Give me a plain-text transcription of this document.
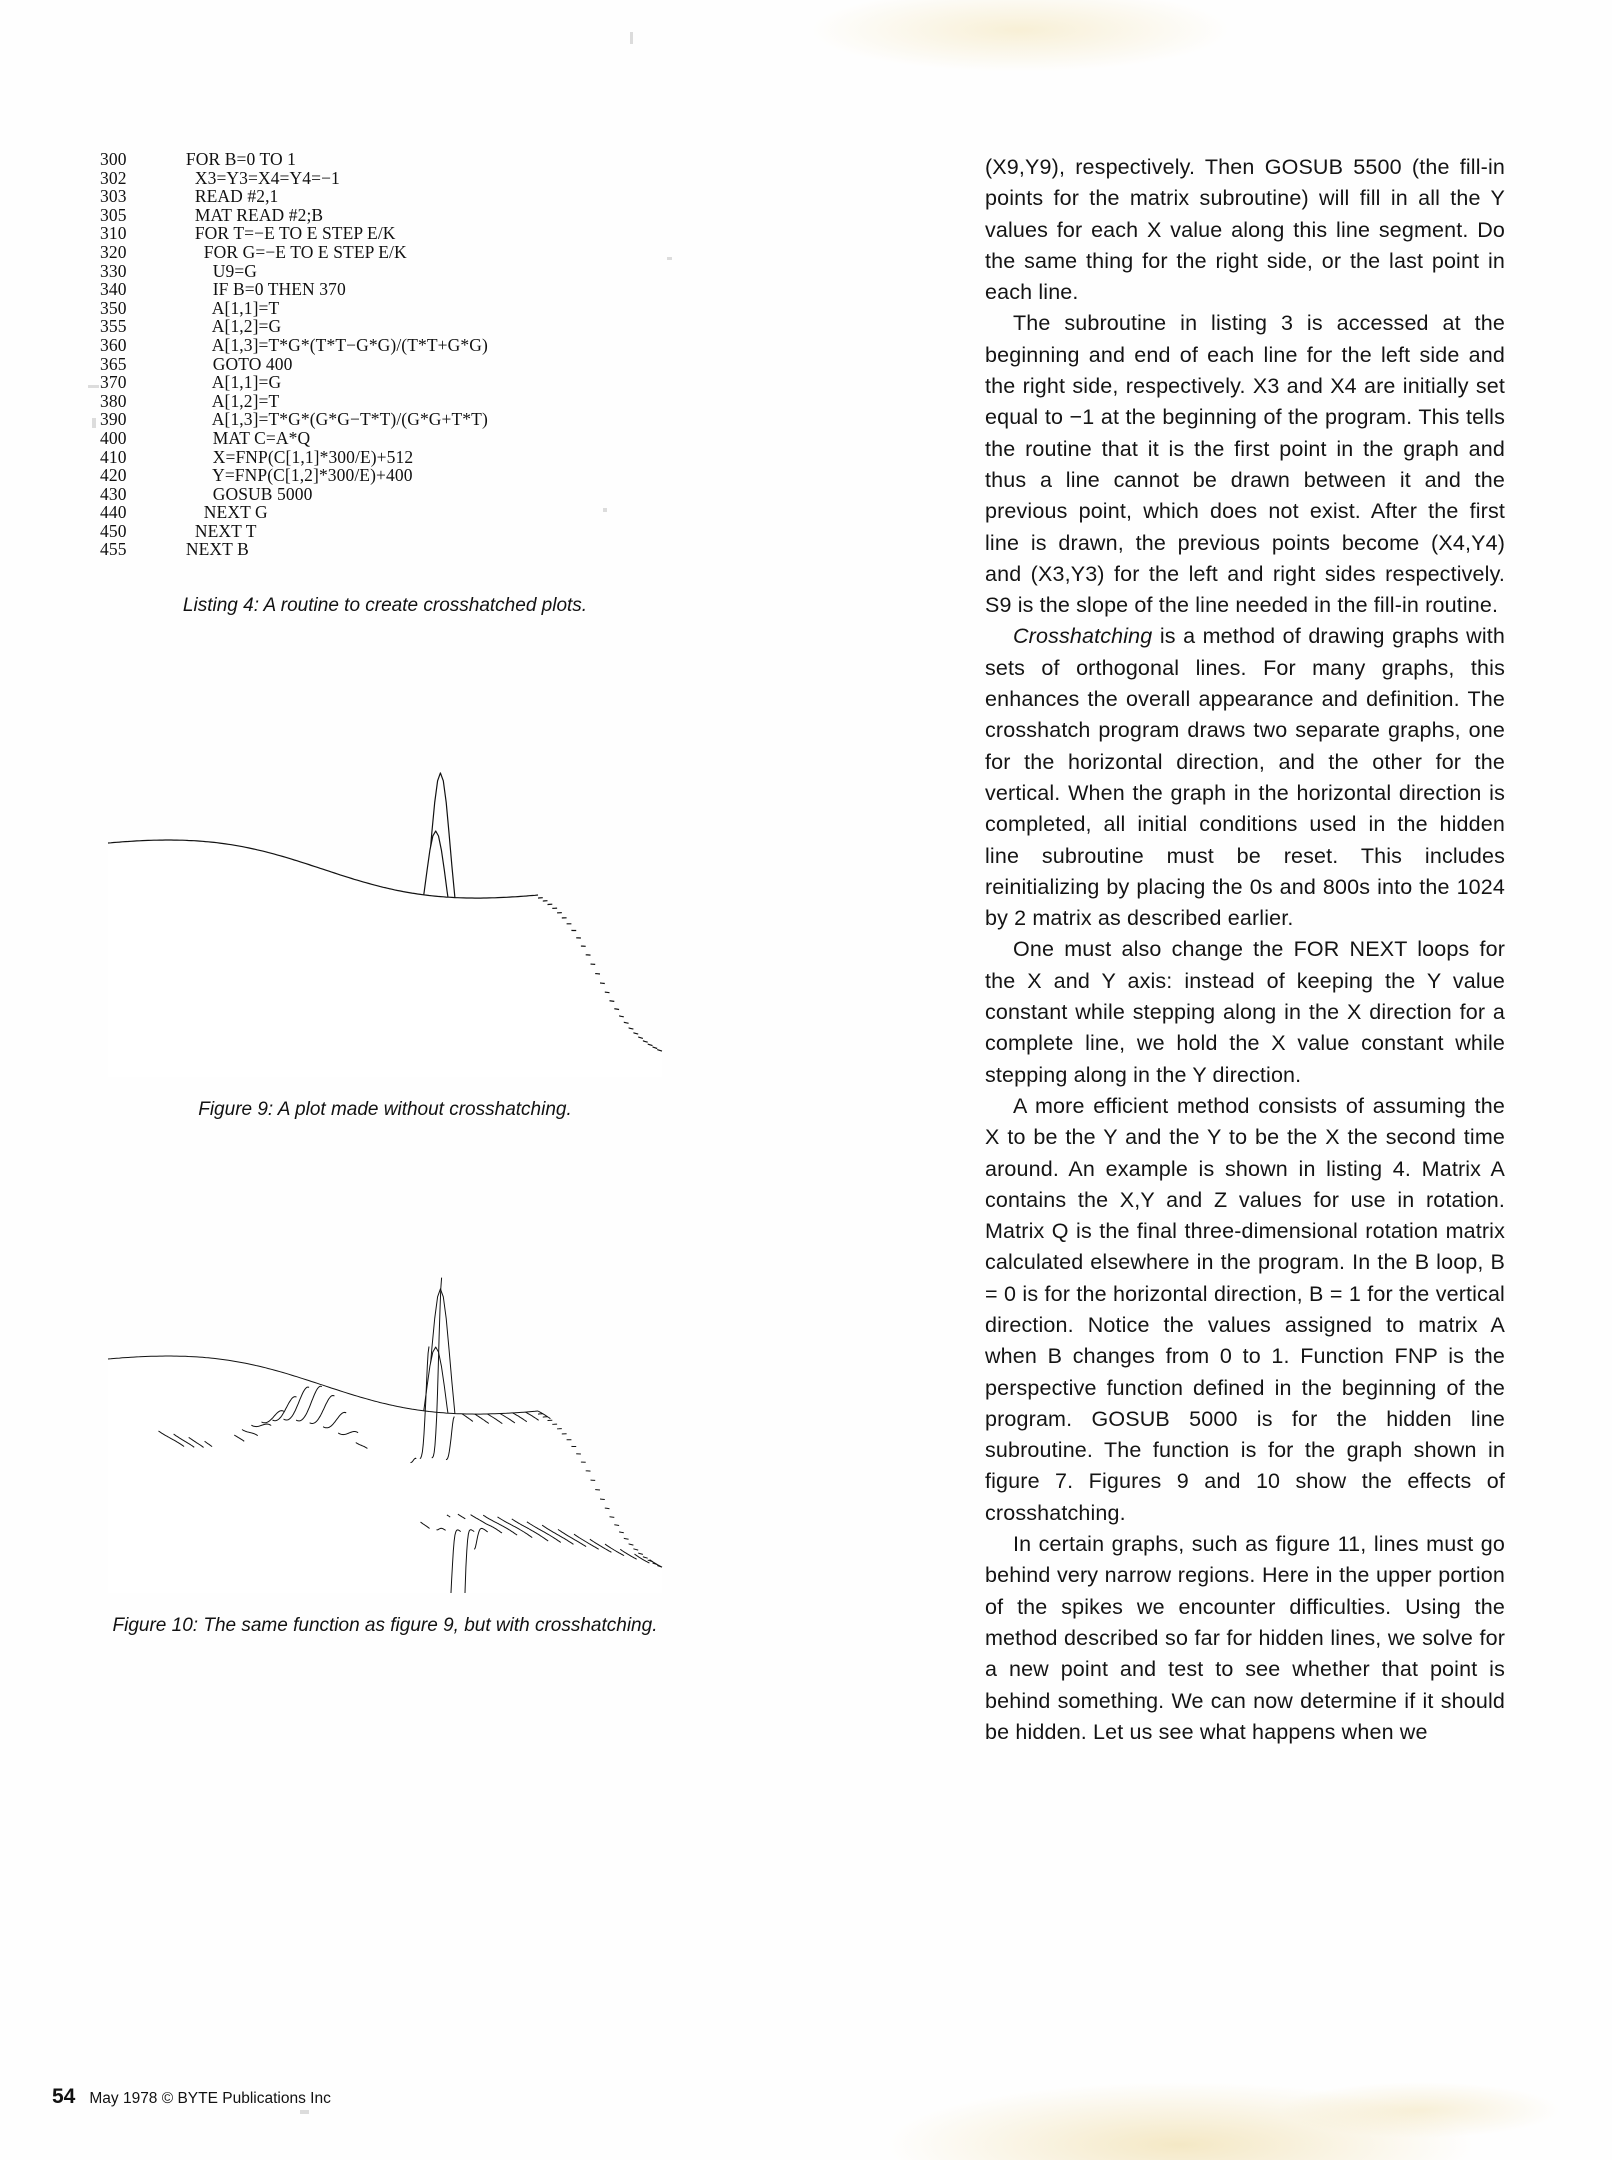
300    FOR B=0 TO 1
302      X3=Y3=X4=Y4=−1
303      READ #2,1
305      MAT READ #2;B
310      FOR T=−E TO E STEP E/K
320        FOR G=−E TO E STEP E/K
330          U9=G
340          IF B=0 THEN 370
350          A[1,1]=T
355          A[1,2]=G
360          A[1,3]=T*G*(T*T−G*G)/(T*T+G*G)
365          GOTO 400
370          A[1,1]=G
380          A[1,2]=T
390          A[1,3]=T*G*(G*G−T*T)/(G*G+T*T)
400          MAT C=A*Q
410          X=FNP(C[1,1]*300/E)+512
420          Y=FNP(C[1,2]*300/E)+400
430          GOSUB 5000
440        NEXT G
450      NEXT T
455    NEXT B
Listing 4: A routine to create crosshatched plots.
Figure 9: A plot made without crosshatching.
Figure 10: The same function as figure 9, but with crosshatching.

(X9,Y9), respectively. Then GOSUB 5500 (the fill-in points for the matrix subroutine) will fill in all the Y values for each X value along this line segment. Do the same thing for the right side, or the last point in each line.

The subroutine in listing 3 is accessed at the beginning and end of each line for the left side and the right side, respectively. X3 and X4 are initially set equal to −1 at the beginning of the program. This tells the routine that it is the first point in the graph and thus a line cannot be drawn between it and the previous point, which does not exist. After the first line is drawn, the previous points become (X4,Y4) and (X3,Y3) for the left and right sides respectively. S9 is the slope of the line needed in the fill-in routine.

Crosshatching is a method of drawing graphs with sets of orthogonal lines. For many graphs, this enhances the overall appearance and definition. The crosshatch program draws two separate graphs, one for the horizontal direction, and the other for the vertical. When the graph in the horizontal direction is completed, all initial conditions used in the hidden line subroutine must be reset. This includes reinitializing by placing the 0s and 800s into the 1024 by 2 matrix as described earlier.

One must also change the FOR NEXT loops for the X and Y axis: instead of keeping the Y value constant while stepping along in the X direction for a complete line, we hold the X value constant while stepping along in the Y direction.

A more efficient method consists of assuming the X to be the Y and the Y to be the X the second time around. An example is shown in listing 4. Matrix A contains the X,Y and Z values for use in rotation. Matrix Q is the final three-dimensional rotation matrix calculated elsewhere in the program. In the B loop, B = 0 is for the horizontal direction, B = 1 for the vertical direction. Notice the values assigned to matrix A when B changes from 0 to 1. Function FNP is the perspective function defined in the beginning of the program. GOSUB 5000 is for the hidden line subroutine. The function is for the graph shown in figure 7. Figures 9 and 10 show the effects of crosshatching.

In certain graphs, such as figure 11, lines must go behind very narrow regions. Here in the upper portion of the spikes we encounter difficulties. Using the method described so far for hidden lines, we solve for a new point and test to see whether that point is behind something. We can now determine if it should be hidden. Let us see what happens when we

54 May 1978 © BYTE Publications Inc
